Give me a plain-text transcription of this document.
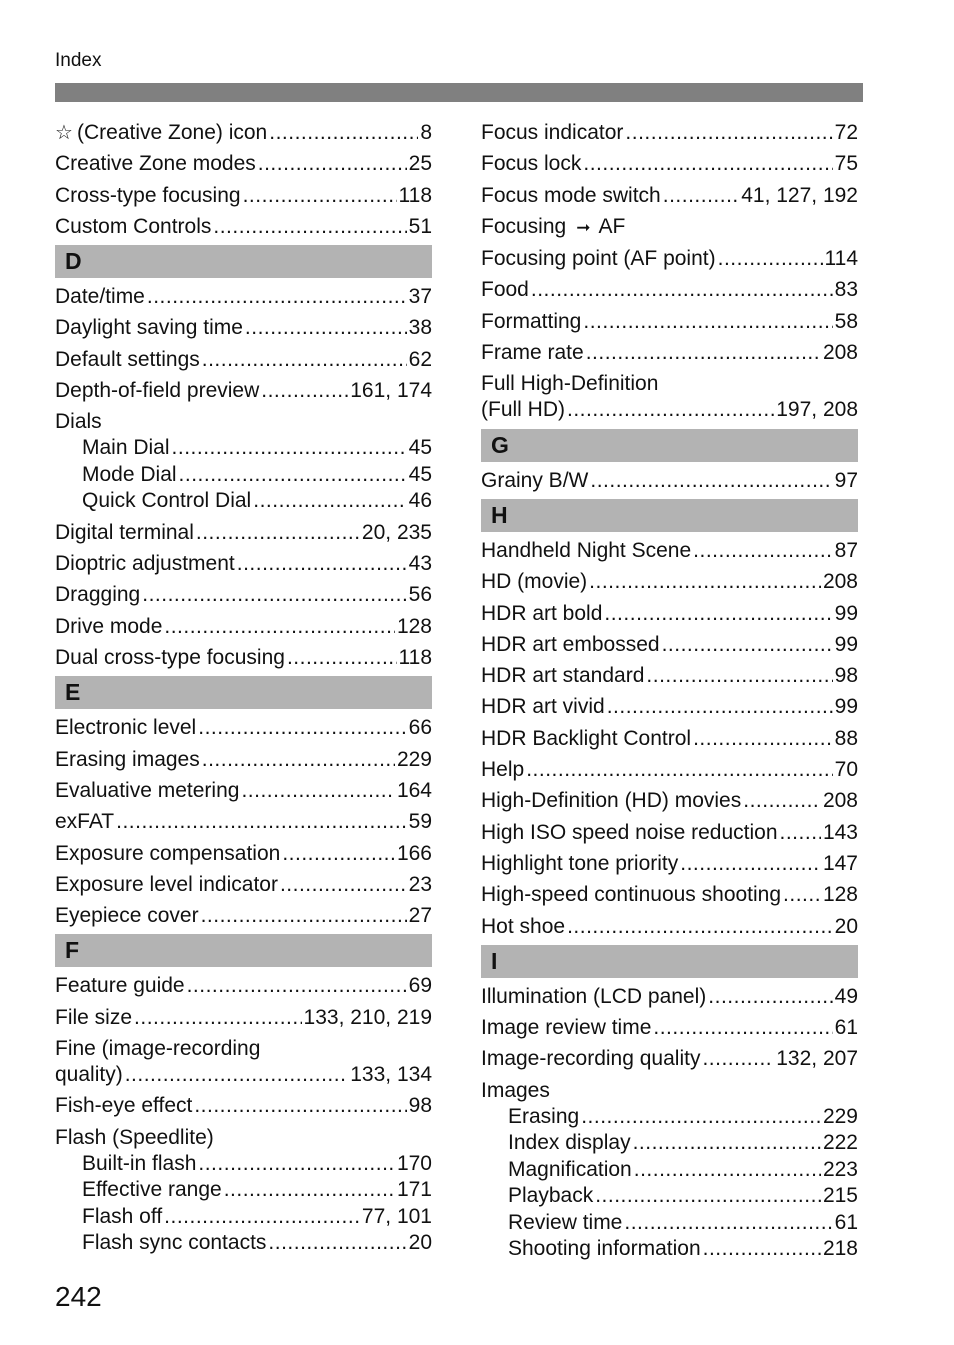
Index
☆ (Creative Zone) icon .....	8
Creative Zone modes .....	25
Cross-type focusing .....	118
Custom Controls .....	51
D
Date/time .....	37
Daylight saving time .....	38
Default settings .....	62
Depth-of-field preview .....	161, 174
Dials
Main Dial .....	45
Mode Dial .....	45
Quick Control Dial .....	46
Digital terminal .....	20, 235
Dioptric adjustment .....	43
Dragging .....	56
Drive mode .....	128
Dual cross-type focusing .....	118
E
Electronic level .....	66
Erasing images .....	229
Evaluative metering .....	164
exFAT .....	59
Exposure compensation .....	166
Exposure level indicator .....	23
Eyepiece cover .....	27
F
Feature guide .....	69
File size .....	133, 210, 219
Fine (image-recording
quality) .....	133, 134
Fish-eye effect .....	98
Flash (Speedlite)
Built-in flash .....	170
Effective range .....	171
Flash off .....	77, 101
Flash sync contacts .....	20
Focus indicator .....	72
Focus lock .....	75
Focus mode switch .....	41, 127, 192
Focusing ➞ AF
Focusing point (AF point) .....	114
Food .....	83
Formatting .....	58
Frame rate .....	208
Full High-Definition
(Full HD) .....	197, 208
G
Grainy B/W .....	97
H
Handheld Night Scene .....	87
HD (movie) .....	208
HDR art bold .....	99
HDR art embossed .....	99
HDR art standard .....	98
HDR art vivid .....	99
HDR Backlight Control .....	88
Help .....	70
High-Definition (HD) movies .....	208
High ISO speed noise reduction ..... 143
Highlight tone priority .....	147
High-speed continuous shooting ..... 128
Hot shoe .....	20
I
Illumination (LCD panel) .....	49
Image review time .....	61
Image-recording quality .....	132, 207
Images
Erasing .....	229
Index display .....	222
Magnification .....	223
Playback .....	215
Review time .....	61
Shooting information .....	218
242
